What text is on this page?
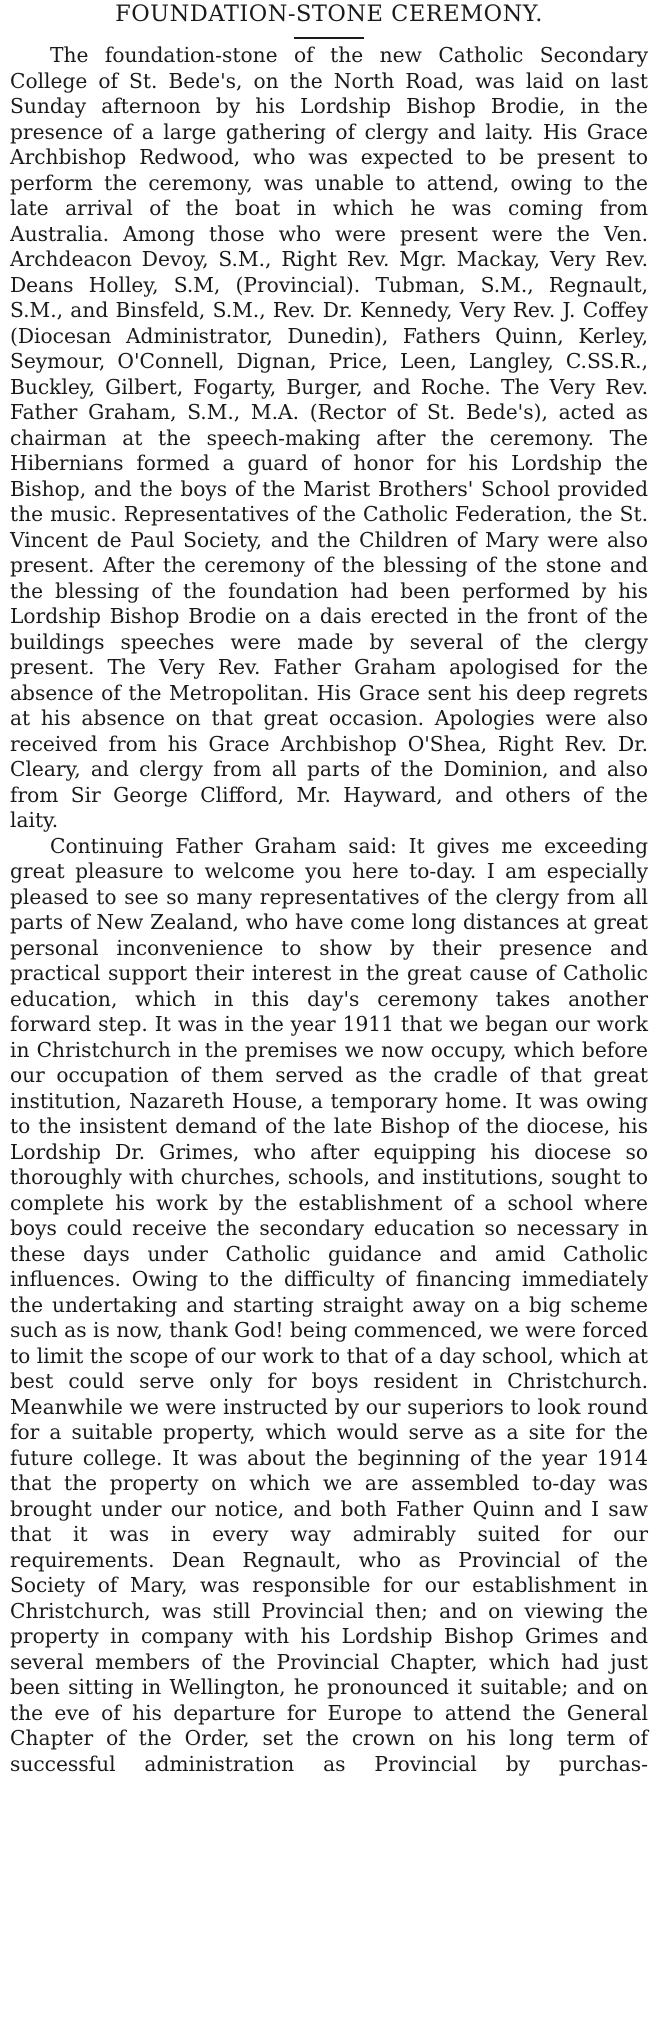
FOUNDATION-STONE CEREMONY.

The foundation-stone of the new Catholic Secondary College of St. Bede's, on the North Road, was laid on last Sunday afternoon by his Lordship Bishop Brodie, in the presence of a large gathering of clergy and laity. His Grace Archbishop Redwood, who was expected to be present to perform the ceremony, was unable to attend, owing to the late arrival of the boat in which he was coming from Australia. Among those who were present were the Ven. Archdeacon Devoy, S.M., Right Rev. Mgr. Mackay, Very Rev. Deans Holley, S.M, (Provincial). Tubman, S.M., Regnault, S.M., and Binsfeld, S.M., Rev. Dr. Kennedy, Very Rev. J. Coffey (Diocesan Administrator, Dunedin), Fathers Quinn, Kerley, Seymour, O'Connell, Dignan, Price, Leen, Langley, C.SS.R., Buckley, Gilbert, Fogarty, Burger, and Roche. The Very Rev. Father Graham, S.M., M.A. (Rector of St. Bede's), acted as chairman at the speech-making after the ceremony. The Hibernians formed a guard of honor for his Lordship the Bishop, and the boys of the Marist Brothers' School provided the music. Representatives of the Catholic Federation, the St. Vincent de Paul Society, and the Children of Mary were also present. After the ceremony of the blessing of the stone and the blessing of the foundation had been performed by his Lordship Bishop Brodie on a dais erected in the front of the buildings speeches were made by several of the clergy present. The Very Rev. Father Graham apologised for the absence of the Metropolitan. His Grace sent his deep regrets at his absence on that great occasion. Apologies were also received from his Grace Archbishop O'Shea, Right Rev. Dr. Cleary, and clergy from all parts of the Dominion, and also from Sir George Clifford, Mr. Hayward, and others of the laity.

Continuing Father Graham said: It gives me exceeding great pleasure to welcome you here to-day. I am especially pleased to see so many representatives of the clergy from all parts of New Zealand, who have come long distances at great personal inconvenience to show by their presence and practical support their interest in the great cause of Catholic education, which in this day's ceremony takes another forward step. It was in the year 1911 that we began our work in Christchurch in the premises we now occupy, which before our occupation of them served as the cradle of that great institution, Nazareth House, a temporary home. It was owing to the insistent demand of the late Bishop of the diocese, his Lordship Dr. Grimes, who after equipping his diocese so thoroughly with churches, schools, and institutions, sought to complete his work by the establishment of a school where boys could receive the secondary education so necessary in these days under Catholic guidance and amid Catholic influences. Owing to the difficulty of financing immediately the undertaking and starting straight away on a big scheme such as is now, thank God! being commenced, we were forced to limit the scope of our work to that of a day school, which at best could serve only for boys resident in Christchurch. Meanwhile we were instructed by our superiors to look round for a suitable property, which would serve as a site for the future college. It was about the beginning of the year 1914 that the property on which we are assembled to-day was brought under our notice, and both Father Quinn and I saw that it was in every way admirably suited for our requirements. Dean Regnault, who as Provincial of the Society of Mary, was responsible for our establishment in Christchurch, was still Provincial then; and on viewing the property in company with his Lordship Bishop Grimes and several members of the Provincial Chapter, which had just been sitting in Wellington, he pronounced it suitable; and on the eve of his departure for Europe to attend the General Chapter of the Order, set the crown on his long term of successful administration as Provincial by purchas-
